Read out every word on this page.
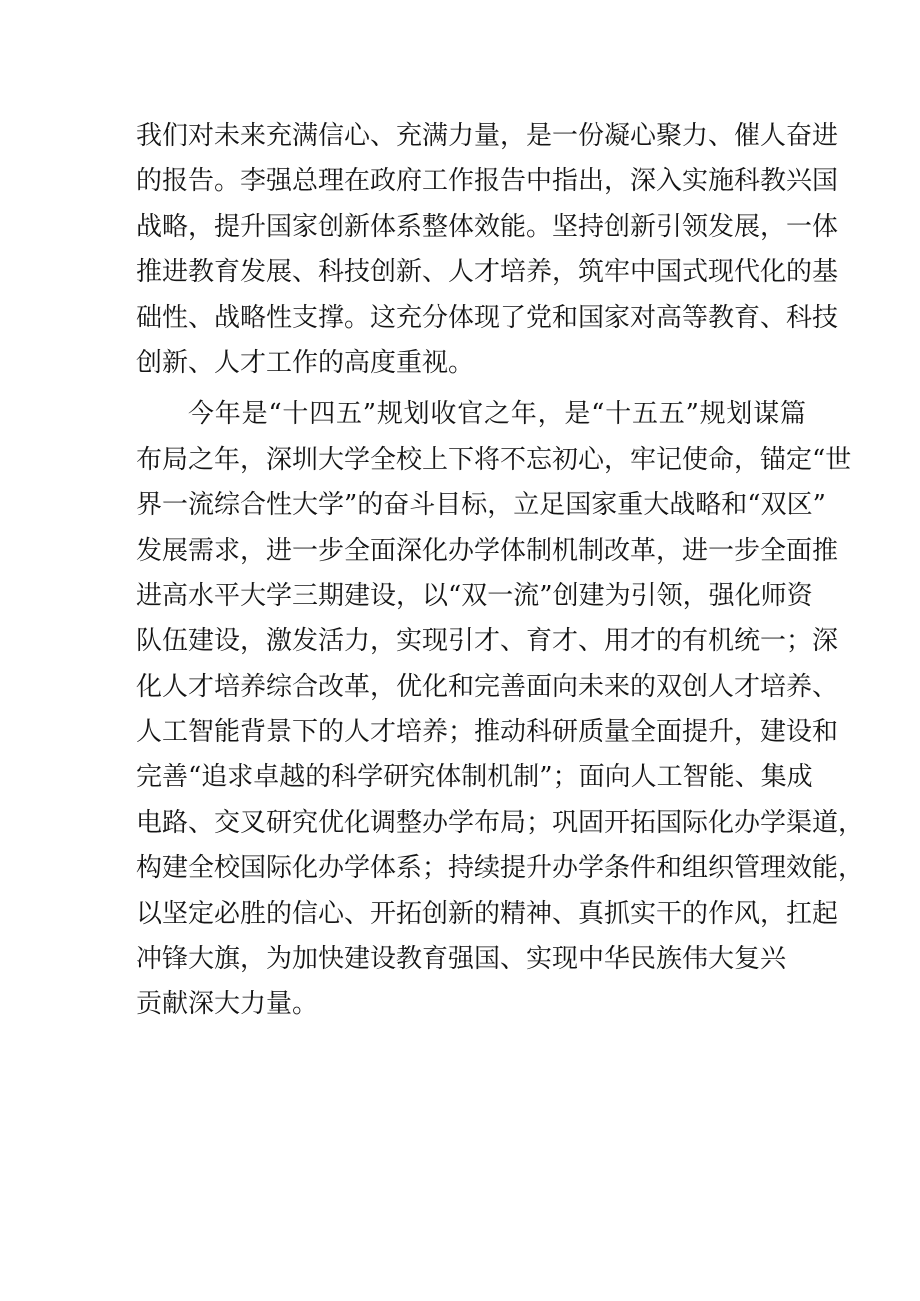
我们对未来充满信心、充满力量，是一份凝心聚力、催人奋进
的报告。李强总理在政府工作报告中指出，深入实施科教兴国
战略，提升国家创新体系整体效能。坚持创新引领发展，一体
推进教育发展、科技创新、人才培养，筑牢中国式现代化的基
础性、战略性支撑。这充分体现了党和国家对高等教育、科技
创新、人才工作的高度重视。
今年是“十四五”规划收官之年，是“十五五”规划谋篇
布局之年，深圳大学全校上下将不忘初心，牢记使命，锚定“世
界一流综合性大学”的奋斗目标，立足国家重大战略和“双区”
发展需求，进一步全面深化办学体制机制改革，进一步全面推
进高水平大学三期建设，以“双一流”创建为引领，强化师资
队伍建设，激发活力，实现引才、育才、用才的有机统一；深
化人才培养综合改革，优化和完善面向未来的双创人才培养、
人工智能背景下的人才培养；推动科研质量全面提升，建设和
完善“追求卓越的科学研究体制机制”；面向人工智能、集成
电路、交叉研究优化调整办学布局；巩固开拓国际化办学渠道，
构建全校国际化办学体系；持续提升办学条件和组织管理效能，
以坚定必胜的信心、开拓创新的精神、真抓实干的作风，扛起
冲锋大旗，为加快建设教育强国、实现中华民族伟大复兴
贡献深大力量。
